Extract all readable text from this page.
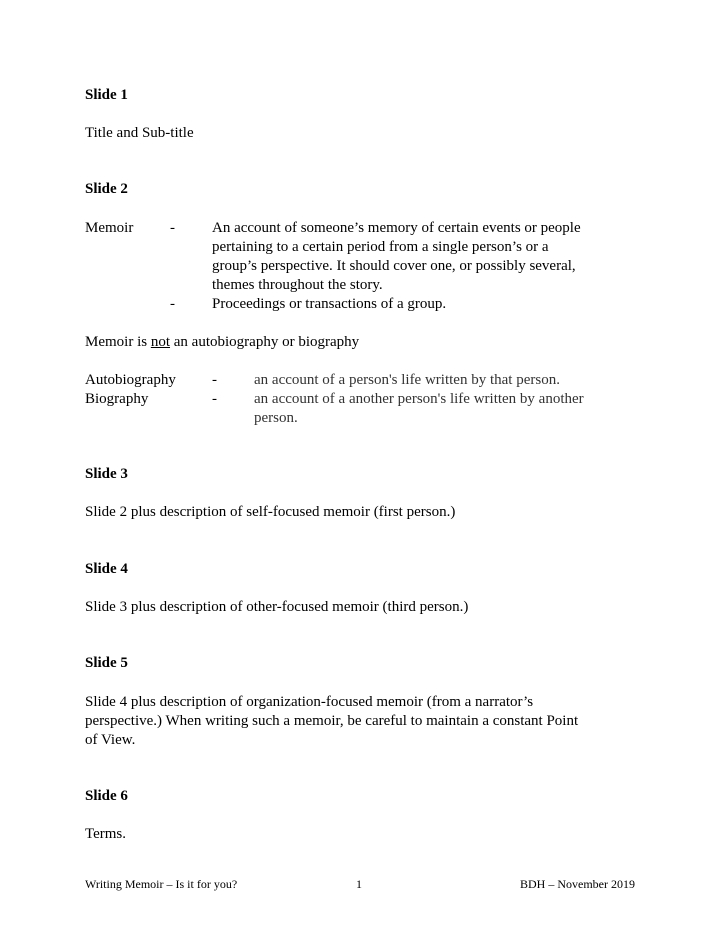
Slide 1
Title and Sub-title
Slide 2
Memoir - An account of someone’s memory of certain events or people
pertaining to a certain period from a single person’s or a
group’s perspective. It should cover one, or possibly several,
themes throughout the story.
- Proceedings or transactions of a group.
Memoir is not an autobiography or biography
Autobiography - an account of a person's life written by that person.
Biography	- an account of a another person's life written by another
person.
Slide 3
Slide 2 plus description of self-focused memoir (first person.)
Slide 4
Slide 3 plus description of other-focused memoir (third person.)
Slide 5
Slide 4 plus description of organization-focused memoir (from a narrator’s
perspective.) When writing such a memoir, be careful to maintain a constant Point
of View.
Slide 6
Terms.
Writing Memoir – Is it for you?	1	BDH – November 2019
